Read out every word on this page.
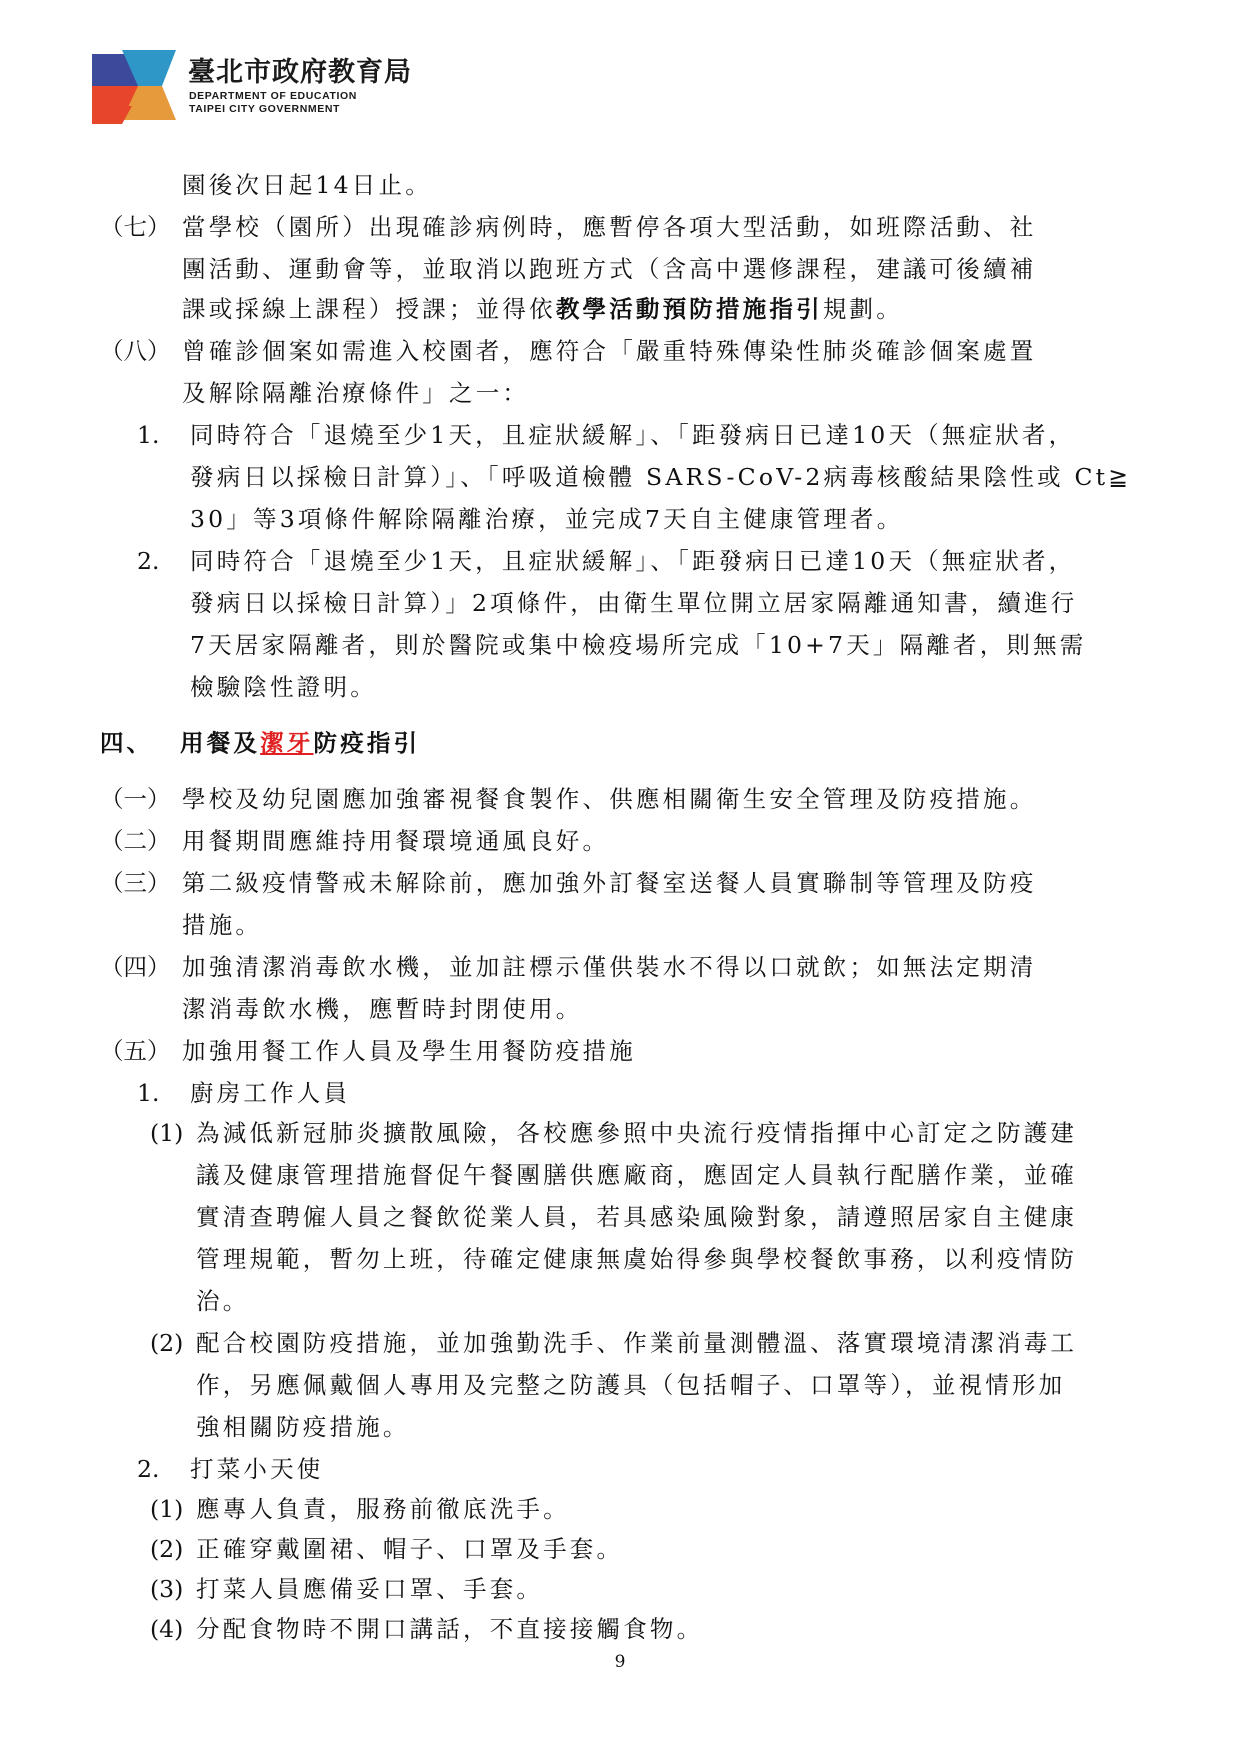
臺北市政府教育局
DEPARTMENT OF EDUCATION
TAIPEI CITY GOVERNMENT
園後次日起14日止。
（七） 當學校（園所）出現確診病例時，應暫停各項大型活動，如班際活動、社
團活動、運動會等，並取消以跑班方式（含高中選修課程，建議可後續補
課或採線上課程）授課；並得依教學活動預防措施指引規劃。
（八） 曾確診個案如需進入校園者，應符合「嚴重特殊傳染性肺炎確診個案處置
及解除隔離治療條件」之一：
1. 同時符合「退燒至少1天，且症狀緩解」、「距發病日已達10天（無症狀者，
發病日以採檢日計算）」、「呼吸道檢體 SARS-CoV-2病毒核酸結果陰性或 Ct≧
30」等3項條件解除隔離治療，並完成7天自主健康管理者。
2. 同時符合「退燒至少1天，且症狀緩解」、「距發病日已達10天（無症狀者，
發病日以採檢日計算）」2項條件，由衛生單位開立居家隔離通知書，續進行
7天居家隔離者，則於醫院或集中檢疫場所完成「10+7天」隔離者，則無需
檢驗陰性證明。
四、 用餐及潔牙防疫指引
（一） 學校及幼兒園應加強審視餐食製作、供應相關衛生安全管理及防疫措施。
（二） 用餐期間應維持用餐環境通風良好。
（三） 第二級疫情警戒未解除前，應加強外訂餐室送餐人員實聯制等管理及防疫
措施。
（四） 加強清潔消毒飲水機，並加註標示僅供裝水不得以口就飲；如無法定期清
潔消毒飲水機，應暫時封閉使用。
（五） 加強用餐工作人員及學生用餐防疫措施
1. 廚房工作人員
(1) 為減低新冠肺炎擴散風險，各校應參照中央流行疫情指揮中心訂定之防護建
議及健康管理措施督促午餐團膳供應廠商，應固定人員執行配膳作業，並確
實清查聘僱人員之餐飲從業人員，若具感染風險對象，請遵照居家自主健康
管理規範，暫勿上班，待確定健康無虞始得參與學校餐飲事務，以利疫情防
治。
(2) 配合校園防疫措施，並加強勤洗手、作業前量測體溫、落實環境清潔消毒工
作，另應佩戴個人專用及完整之防護具（包括帽子、口罩等），並視情形加
強相關防疫措施。
2. 打菜小天使
(1) 應專人負責，服務前徹底洗手。
(2) 正確穿戴圍裙、帽子、口罩及手套。
(3) 打菜人員應備妥口罩、手套。
(4) 分配食物時不開口講話，不直接接觸食物。
9
